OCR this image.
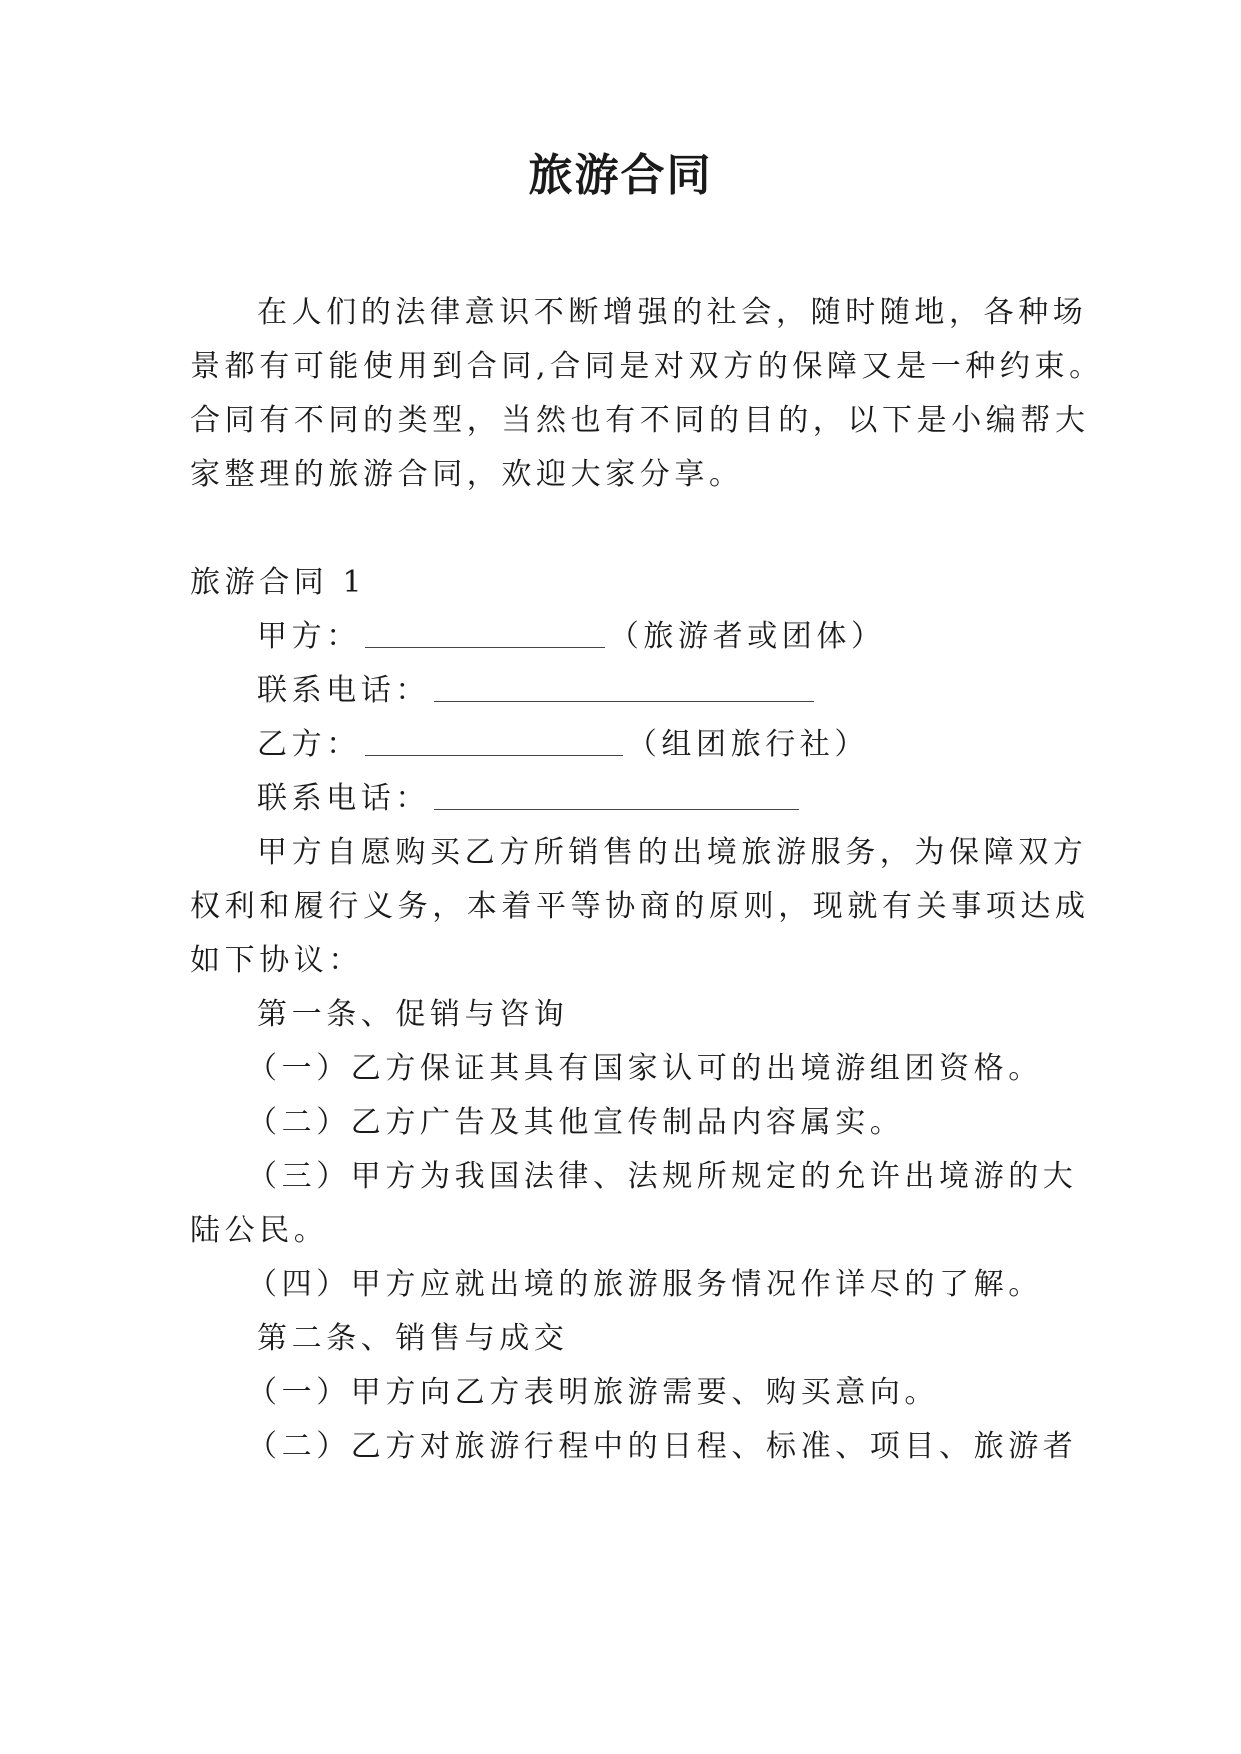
旅游合同
在人们的法律意识不断增强的社会，随时随地，各种场
景都有可能使用到合同,合同是对双方的保障又是一种约束。
合同有不同的类型，当然也有不同的目的，以下是小编帮大
家整理的旅游合同，欢迎大家分享。
旅游合同 1
甲方：	（旅游者或团体）
联系电话：
乙方：	（组团旅行社）
联系电话：
甲方自愿购买乙方所销售的出境旅游服务，为保障双方
权利和履行义务，本着平等协商的原则，现就有关事项达成
如下协议：
第一条、促销与咨询
（一）乙方保证其具有国家认可的出境游组团资格。
（二）乙方广告及其他宣传制品内容属实。
（三）甲方为我国法律、法规所规定的允许出境游的大
陆公民。
（四）甲方应就出境的旅游服务情况作详尽的了解。
第二条、销售与成交
（一）甲方向乙方表明旅游需要、购买意向。
（二）乙方对旅游行程中的日程、标准、项目、旅游者
